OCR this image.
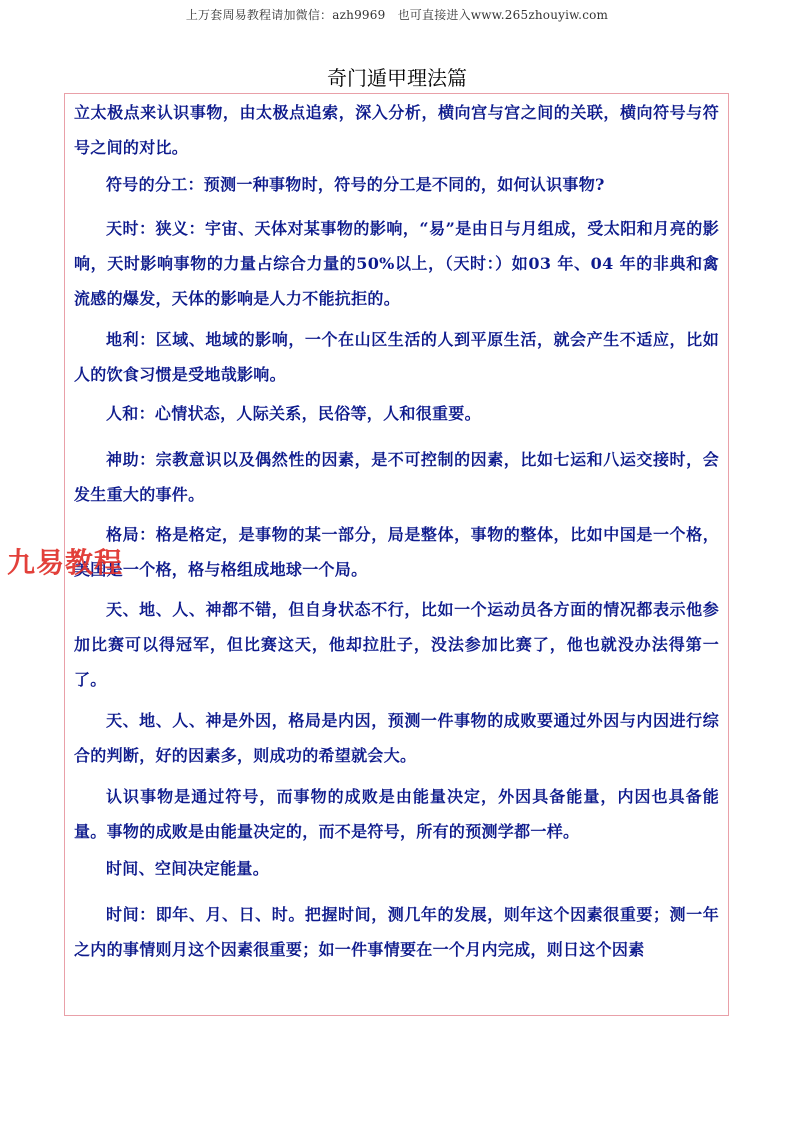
上万套周易教程请加微信：azh9969　也可直接进入www.265zhouyiw.com
奇门遁甲理法篇

立太极点来认识事物，由太极点追索，深入分析，横向宫与宫之间的关联，横向符号与符号之间的对比。

符号的分工：预测一种事物时，符号的分工是不同的，如何认识事物?

天时：狭义：宇宙、天体对某事物的影响，“易”是由日与月组成，受太阳和月亮的影响，天时影响事物的力量占综合力量的50%以上，（天时：）如03 年、04 年的非典和禽流感的爆发，天体的影响是人力不能抗拒的。

地利：区域、地域的影响，一个在山区生活的人到平原生活，就会产生不适应，比如人的饮食习惯是受地哉影响。

人和：心情状态，人际关系，民俗等，人和很重要。

神助：宗教意识以及偶然性的因素，是不可控制的因素，比如七运和八运交接时，会发生重大的事件。

格局：格是格定，是事物的某一部分，局是整体，事物的整体，比如中国是一个格，美国是一个格，格与格组成地球一个局。

天、地、人、神都不错，但自身状态不行，比如一个运动员各方面的情况都表示他参加比赛可以得冠军，但比赛这天，他却拉肚子，没法参加比赛了，他也就没办法得第一了。

天、地、人、神是外因，格局是内因，预测一件事物的成败要通过外因与内因进行综合的判断，好的因素多，则成功的希望就会大。

认识事物是通过符号，而事物的成败是由能量决定，外因具备能量，内因也具备能量。事物的成败是由能量决定的，而不是符号，所有的预测学都一样。

时间、空间决定能量。

时间：即年、月、日、时。把握时间，测几年的发展，则年这个因素很重要；测一年之内的事情则月这个因素很重要；如一件事情要在一个月内完成，则日这个因素

九易教程
